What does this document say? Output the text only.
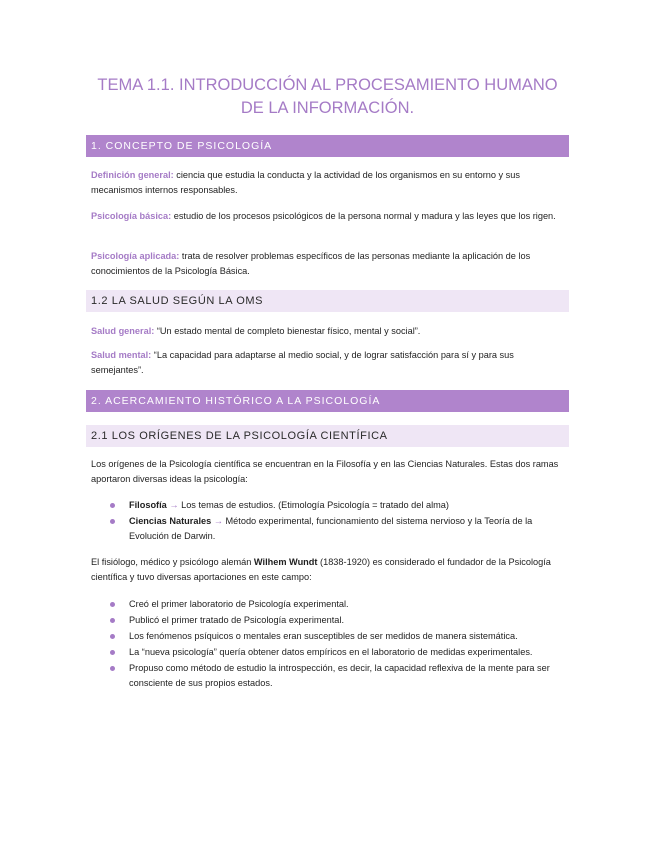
TEMA 1.1. INTRODUCCIÓN AL PROCESAMIENTO HUMANO
DE LA INFORMACIÓN.
1. CONCEPTO DE PSICOLOGÍA

Definición general: ciencia que estudia la conducta y la actividad de los organismos en su entorno y sus mecanismos internos responsables.

Psicología básica: estudio de los procesos psicológicos de la persona normal y madura y las leyes que los rigen.

Psicología aplicada: trata de resolver problemas específicos de las personas mediante la aplicación de los conocimientos de la Psicología Básica.

1.2 LA SALUD SEGÚN LA OMS

Salud general: “Un estado mental de completo bienestar físico, mental y social”.

Salud mental: “La capacidad para adaptarse al medio social, y de lograr satisfacción para sí y para sus semejantes”.

2. ACERCAMIENTO HISTÓRICO A LA PSICOLOGÍA
2.1 LOS ORÍGENES DE LA PSICOLOGÍA CIENTÍFICA

Los orígenes de la Psicología científica se encuentran en la Filosofía y en las Ciencias Naturales. Estas dos ramas aportaron diversas ideas la psicología:

Filosofía → Los temas de estudios. (Etimología Psicología = tratado del alma)
Ciencias Naturales → Método experimental, funcionamiento del sistema nervioso y la Teoría de la Evolución de Darwin.

El fisiólogo, médico y psicólogo alemán Wilhem Wundt (1838-1920) es considerado el fundador de la Psicología científica y tuvo diversas aportaciones en este campo:

Creó el primer laboratorio de Psicología experimental.
Publicó el primer tratado de Psicología experimental.
Los fenómenos psíquicos o mentales eran susceptibles de ser medidos de manera sistemática.
La “nueva psicología” quería obtener datos empíricos en el laboratorio de medidas experimentales.
Propuso como método de estudio la introspección, es decir, la capacidad reflexiva de la mente para ser consciente de sus propios estados.
